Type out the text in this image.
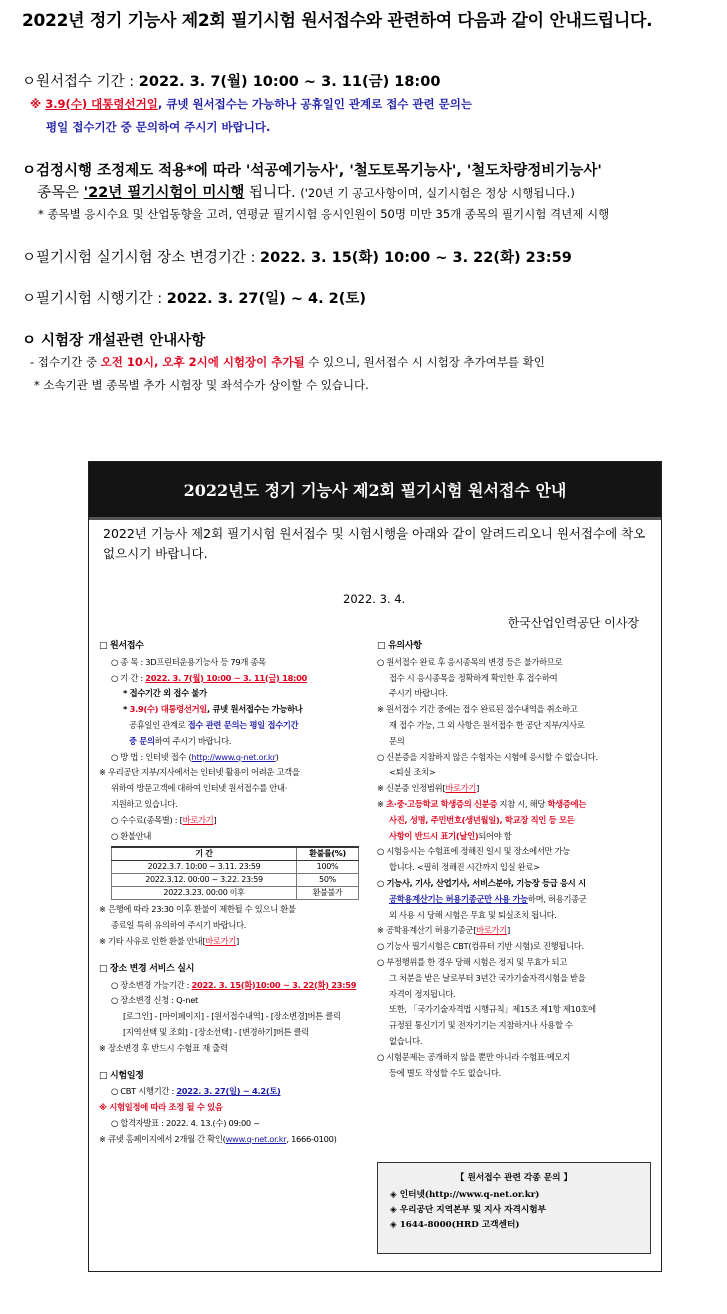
2022년 정기 기능사 제2회 필기시험 원서접수와 관련하여 다음과 같이 안내드립니다.
ㅇ원서접수 기간 : 2022. 3. 7(월) 10:00 ~ 3. 11(금) 18:00
※ 3.9(수) 대통령선거일, 큐넷 원서접수는 가능하나 공휴일인 관계로 접수 관련 문의는
평일 접수기간 중 문의하여 주시기 바랍니다.
ㅇ검정시행 조정제도 적용*에 따라 '석공예기능사', '철도토목기능사', '철도차량정비기능사'
종목은 '22년 필기시험이 미시행 됩니다. ('20년 기 공고사항이며, 실기시험은 정상 시행됩니다.)
* 종목별 응시수요 및 산업동향을 고려, 연평균 필기시험 응시인원이 50명 미만 35개 종목의 필기시험 격년제 시행
ㅇ필기시험 실기시험 장소 변경기간 : 2022. 3. 15(화) 10:00 ~ 3. 22(화) 23:59
ㅇ필기시험 시행기간 : 2022. 3. 27(일) ~ 4. 2(토)
ㅇ 시험장 개설관련 안내사항
- 접수기간 중 오전 10시, 오후 2시에 시험장이 추가될 수 있으니, 원서접수 시 시험장 추가여부를 확인
* 소속기관 별 종목별 추가 시험장 및 좌석수가 상이할 수 있습니다.
2022년도 정기 기능사 제2회 필기시험 원서접수 안내
2022년 기능사 제2회 필기시험 원서접수 및 시험시행을 아래와 같이 알려드리오니 원서접수에 착오 없으시기 바랍니다.
2022. 3. 4.
한국산업인력공단 이사장
□ 원서접수
○ 종 목 : 3D프린터운용기능사 등 79개 종목
○ 기 간 : 2022. 3. 7(월) 10:00 ~ 3. 11(금) 18:00
* 접수기간 외 접수 불가
* 3.9(수) 대통령선거일, 큐넷 원서접수는 가능하나
공휴일인 관계로 접수 관련 문의는 평일 접수기간
중 문의하여 주시기 바랍니다.
○ 방 법 : 인터넷 접수 (http://www.q-net.or.kr)
※ 우리공단 지부/지사에서는 인터넷 활용이 어려운 고객을
위하여 방문고객에 대하여 인터넷 원서접수를 안내·
지원하고 있습니다.
○ 수수료(종목별) : [바로가기]
○ 환불안내
기 간	환불률(%)
2022.3.7. 10:00 ~ 3.11. 23:59	100%
2022.3.12. 00:00 ~ 3.22. 23:59	50%
2022.3.23. 00:00 이후	환불불가
※ 은행에 따라 23:30 이후 환불이 제한될 수 있으니 환불
종료일 특히 유의하여 주시기 바랍니다.
※ 기타 사유로 인한 환불 안내[바로가기]
□ 장소 변경 서비스 실시
○ 장소변경 가능기간 : 2022. 3. 15(화)10:00 ~ 3. 22(화) 23:59
○ 장소변경 신청 : Q-net
[로그인] - [마이페이지] - [원서접수내역] - [장소변경]버튼 클릭
[지역선택 및 조회] - [장소선택] - [변경하기]버튼 클릭
※ 장소변경 후 반드시 수험표 재 출력
□ 시험일정
○ CBT 시행기간 : 2022. 3. 27(일) ~ 4.2(토)
※ 시험일정에 따라 조정 될 수 있음
○ 합격자발표 : 2022. 4. 13.(수) 09:00 ~
※ 큐넷 홈페이지에서 2개월 간 확인(www.q-net.or.kr, 1666-0100)
□ 유의사항
○ 원서접수 완료 후 응시종목의 변경 등은 불가하므로
접수 시 응시종목을 정확하게 확인한 후 접수하여
주시기 바랍니다.
※ 원서접수 기간 중에는 접수 완료된 접수내역을 취소하고
재 접수 가능, 그 외 사항은 원서접수 한 공단 지부/지사로
문의
○ 신분증을 지참하지 않은 수험자는 시험에 응시할 수 없습니다.
<퇴실 조치>
※ 신분증 인정범위[바로가기]
※ 초·중·고등학교 학생증의 신분증 지참 시, 해당 학생증에는
사진, 성명, 주민번호(생년월일), 학교장 직인 등 모든
사항이 반드시 표기(날인)되어야 함
○ 시험응시는 수험표에 정해진 일시 및 장소에서만 가능
합니다. <필히 정해진 시간까지 입실 완료>
○ 기능사, 기사, 산업기사, 서비스분야, 기능장 등급 응시 시
공학용계산기는 허용기종군만 사용 가능하며, 허용기종군
외 사용 시 당해 시험은 무효 및 퇴실조치 됩니다.
※ 공학용계산기 허용기종군[바로가기]
○ 기능사 필기시험은 CBT(컴퓨터 기반 시험)로 진행됩니다.
○ 부정행위를 한 경우 당해 시험은 정지 및 무효가 되고
그 처분을 받은 날로부터 3년간 국가기술자격시험을 받을
자격이 정지됩니다.
또한, 「국가기술자격법 시행규칙」제15조 제1항 제10호에
규정된 통신기기 및 전자기기는 지참하거나 사용할 수
없습니다.
○ 시험문제는 공개하지 않을 뿐만 아니라 수험표·메모지
등에 별도 작성할 수도 없습니다.
【 원서접수 관련 각종 문의 】
◈ 인터넷(http://www.q-net.or.kr)
◈ 우리공단 지역본부 및 지사 자격시험부
◈ 1644-8000(HRD 고객센터)
